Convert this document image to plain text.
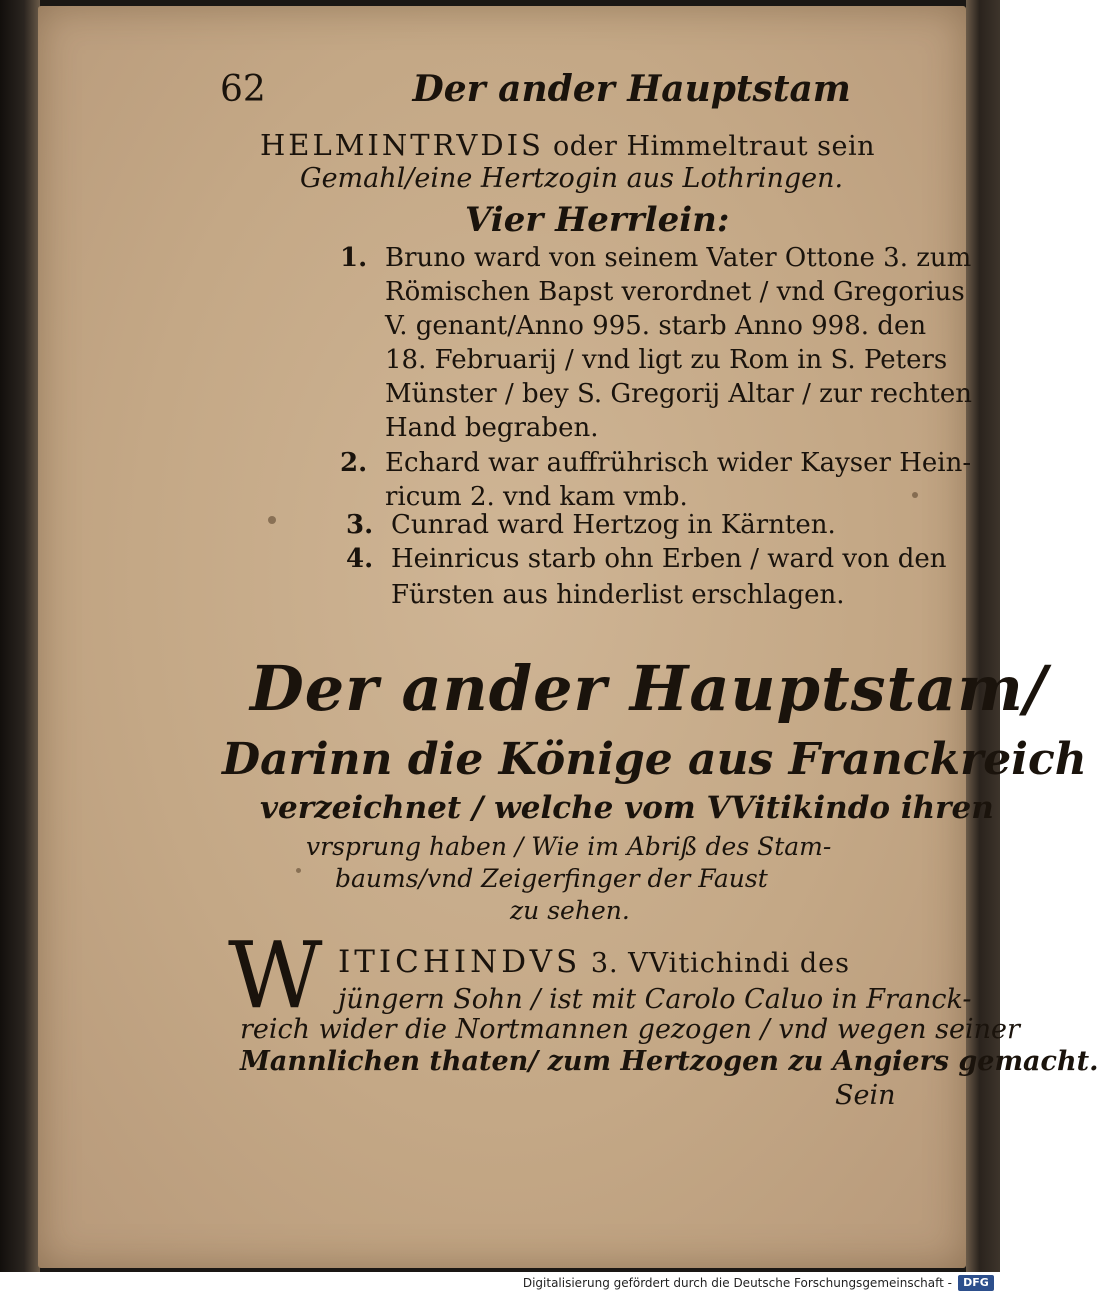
62	Der ander Hauptstam
HELMINTRVDIS oder Himmeltraut sein
Gemahl/eine Hertzogin aus Lothringen.
Vier Herrlein:
1. Bruno ward von seinem Vater Ottone 3. zum
Römischen Bapst verordnet / vnd Gregorius
V. genant/Anno 995. starb Anno 998. den
18. Februarij / vnd ligt zu Rom in S. Peters
Münster / bey S. Gregorij Altar / zur rechten
Hand begraben.
2. Echard war auffrührisch wider Kayser Hein-
ricum 2. vnd kam vmb.
3. Cunrad ward Hertzog in Kärnten.
4. Heinricus starb ohn Erben / ward von den
Fürsten aus hinderlist erschlagen.
Der ander Hauptstam/
Darinn die Könige aus Franckreich
verzeichnet / welche vom VVitikindo ihren
vrsprung haben / Wie im Abriß des Stam-
baums/vnd Zeigerfinger der Faust
zu sehen.
W ITICHINDVS 3. VVitichindi des
jüngern Sohn / ist mit Carolo Caluo in Franck-
reich wider die Nortmannen gezogen / vnd wegen seiner
Mannlichen thaten/ zum Hertzogen zu Angiers gemacht.
Sein
Digitalisierung gefördert durch die Deutsche Forschungsgemeinschaft -	DFG
